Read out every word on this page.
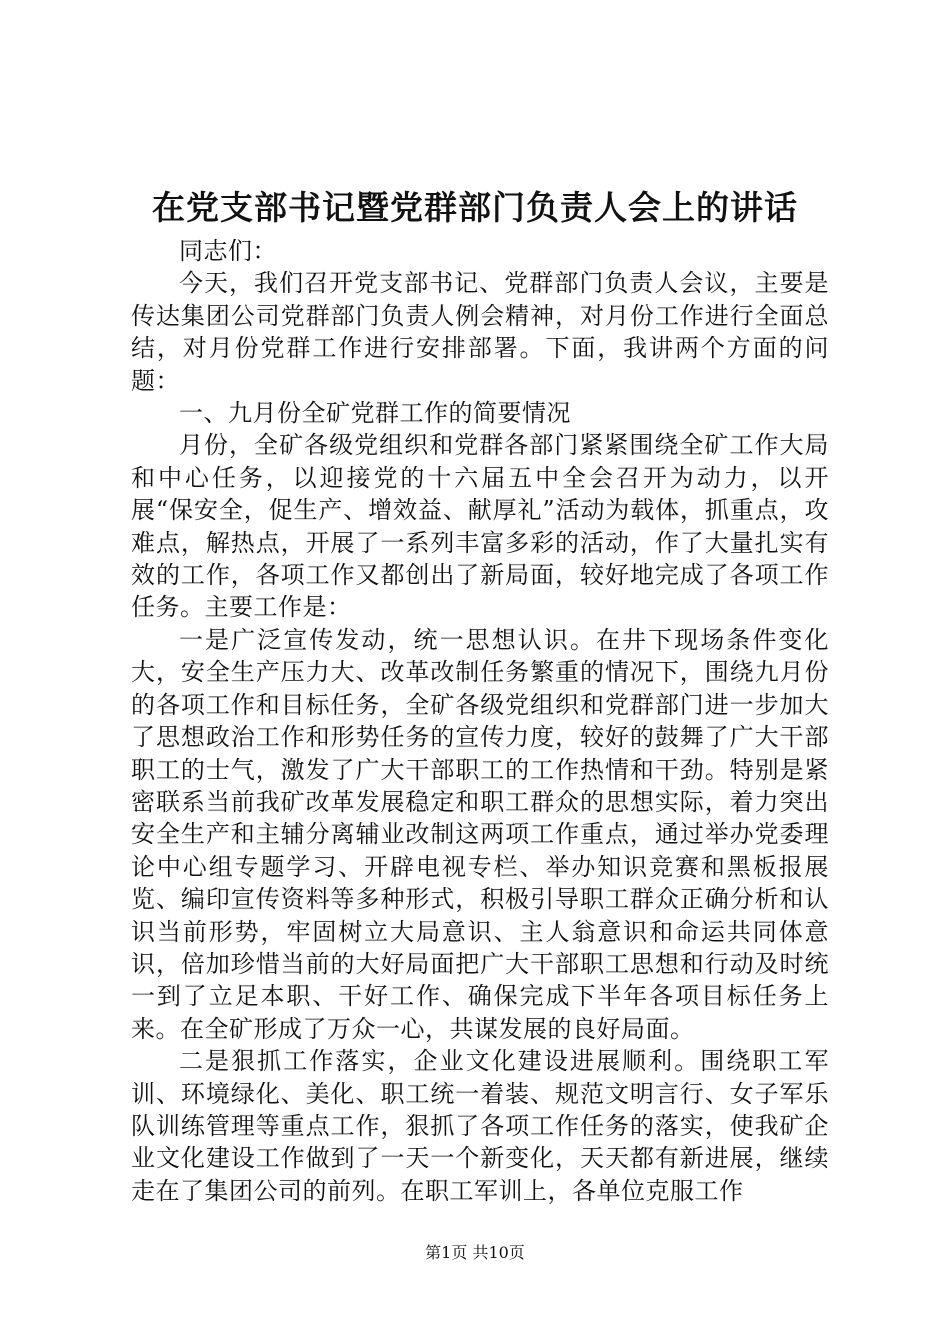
在党支部书记暨党群部门负责人会上的讲话

同志们：

今天，我们召开党支部书记、党群部门负责人会议，主要是传达集团公司党群部门负责人例会精神，对月份工作进行全面总结，对月份党群工作进行安排部署。下面，我讲两个方面的问题：

一、九月份全矿党群工作的简要情况

月份，全矿各级党组织和党群各部门紧紧围绕全矿工作大局和中心任务，以迎接党的十六届五中全会召开为动力，以开展“保安全，促生产、增效益、献厚礼”活动为载体，抓重点，攻难点，解热点，开展了一系列丰富多彩的活动，作了大量扎实有效的工作，各项工作又都创出了新局面，较好地完成了各项工作任务。主要工作是：

一是广泛宣传发动，统一思想认识。在井下现场条件变化大，安全生产压力大、改革改制任务繁重的情况下，围绕九月份的各项工作和目标任务，全矿各级党组织和党群部门进一步加大了思想政治工作和形势任务的宣传力度，较好的鼓舞了广大干部职工的士气，激发了广大干部职工的工作热情和干劲。特别是紧密联系当前我矿改革发展稳定和职工群众的思想实际，着力突出安全生产和主辅分离辅业改制这两项工作重点，通过举办党委理论中心组专题学习、开辟电视专栏、举办知识竞赛和黑板报展览、编印宣传资料等多种形式，积极引导职工群众正确分析和认识当前形势，牢固树立大局意识、主人翁意识和命运共同体意识，倍加珍惜当前的大好局面把广大干部职工思想和行动及时统一到了立足本职、干好工作、确保完成下半年各项目标任务上来。在全矿形成了万众一心，共谋发展的良好局面。

二是狠抓工作落实，企业文化建设进展顺利。围绕职工军训、环境绿化、美化、职工统一着装、规范文明言行、女子军乐队训练管理等重点工作，狠抓了各项工作任务的落实，使我矿企业文化建设工作做到了一天一个新变化，天天都有新进展，继续走在了集团公司的前列。在职工军训上，各单位克服工作

第1页 共10页
